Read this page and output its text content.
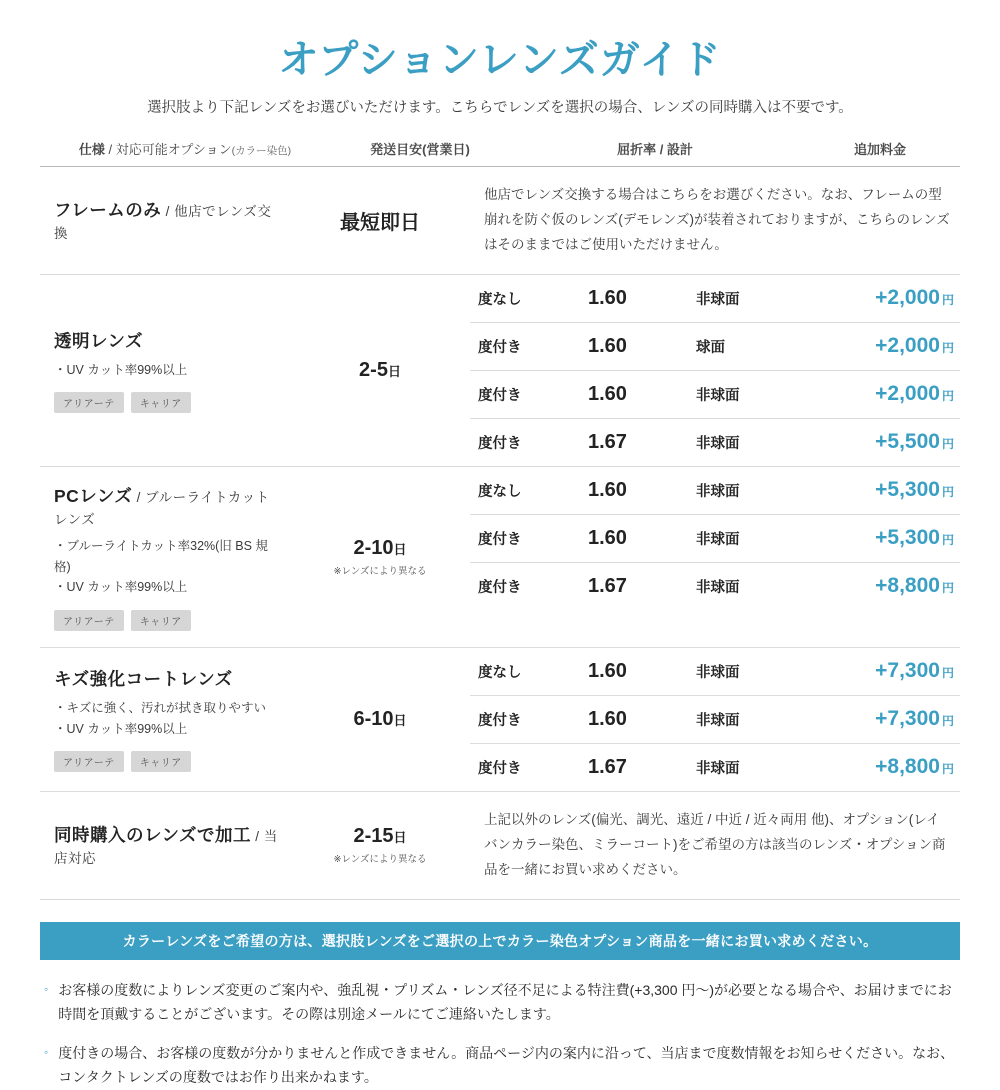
オプションレンズガイド
選択肢より下記レンズをお選びいただけます。こちらでレンズを選択の場合、レンズの同時購入は不要です。
仕様 / 対応可能オプション(カラー染色)	発送目安(営業日)	屈折率 / 設計	追加料金
フレームのみ / 他店でレンズ交換	最短即日
他店でレンズ交換する場合はこちらをお選びください。なお、フレームの型崩れを防ぐ仮のレンズ(デモレンズ)が装着されておりますが、こちらのレンズはそのままではご使用いただけません。
透明レンズ
・UV カット率99%以上
アリアーテ	キャリア
2-5日
度なし	1.60	非球面	+2,000 円
度付き	1.60	球面	+2,000 円
度付き	1.60	非球面	+2,000 円
度付き	1.67	非球面	+5,500 円
PCレンズ / ブルーライトカットレンズ
・ブルーライトカット率32%(旧 BS 規格)
・UV カット率99%以上
アリアーテ	キャリア
2-10日
※レンズにより異なる
度なし	1.60	非球面	+5,300 円
度付き	1.60	非球面	+5,300 円
度付き	1.67	非球面	+8,800 円
キズ強化コートレンズ
・キズに強く、汚れが拭き取りやすい
・UV カット率99%以上
アリアーテ	キャリア
6-10日
度なし	1.60	非球面	+7,300 円
度付き	1.60	非球面	+7,300 円
度付き	1.67	非球面	+8,800 円
同時購入のレンズで加工 / 当店対応
2-15日
※レンズにより異なる
上記以外のレンズ(偏光、調光、遠近 / 中近 / 近々両用 他)、オプション(レイバンカラー染色、ミラーコート)をご希望の方は該当のレンズ・オプション商品を一緒にお買い求めください。
カラーレンズをご希望の方は、選択肢レンズをご選択の上でカラー染色オプション商品を一緒にお買い求めください。
◦ お客様の度数によりレンズ変更のご案内や、強乱視・プリズム・レンズ径不足による特注費(+3,300 円〜)が必要となる場合や、お届けまでにお時間を頂戴することがございます。その際は別途メールにてご連絡いたします。
◦ 度付きの場合、お客様の度数が分かりませんと作成できません。商品ページ内の案内に沿って、当店まで度数情報をお知らせください。なお、コンタクトレンズの度数ではお作り出来かねます。
